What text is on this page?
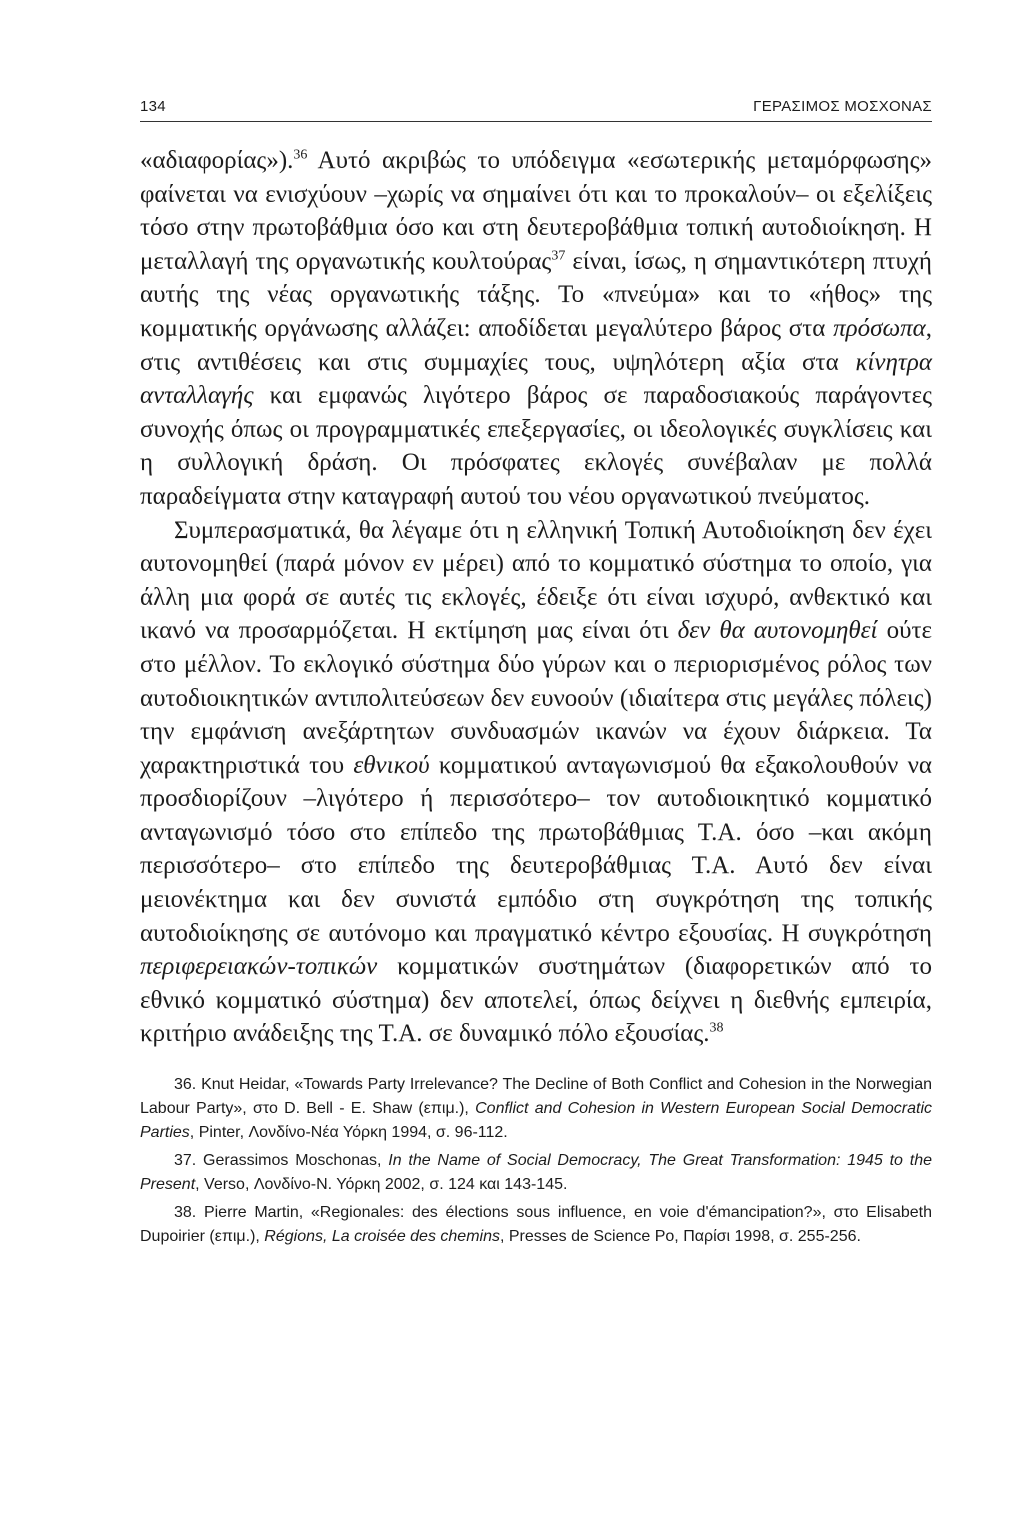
134	ΓΕΡΑΣΙΜΟΣ ΜΟΣΧΟΝΑΣ

«αδιαφορίας»).$^{36}$ Αυτό ακριβώς το υπόδειγμα «εσωτερικής μεταμόρφωσης» φαίνεται να ενισχύουν –χωρίς να σημαίνει ότι και το προκαλούν– οι εξελίξεις τόσο στην πρωτοβάθμια όσο και στη δευτεροβάθμια τοπική αυτοδιοίκηση. Η μεταλλαγή της οργανωτικής κουλτούρας$^{37}$ είναι, ίσως, η σημαντικότερη πτυχή αυτής της νέας οργανωτικής τάξης. Το «πνεύμα» και το «ήθος» της κομματικής οργάνωσης αλλάζει: αποδίδεται μεγαλύτερο βάρος στα πρόσωπα, στις αντιθέσεις και στις συμμαχίες τους, υψηλότερη αξία στα κίνητρα ανταλλαγής και εμφανώς λιγότερο βάρος σε παραδοσιακούς παράγοντες συνοχής όπως οι προγραμματικές επεξεργασίες, οι ιδεολογικές συγκλίσεις και η συλλογική δράση. Οι πρόσφατες εκλογές συνέβαλαν με πολλά παραδείγματα στην καταγραφή αυτού του νέου οργανωτικού πνεύματος.

Συμπερασματικά, θα λέγαμε ότι η ελληνική Τοπική Αυτοδιοίκηση δεν έχει αυτονομηθεί (παρά μόνον εν μέρει) από το κομματικό σύστημα το οποίο, για άλλη μια φορά σε αυτές τις εκλογές, έδειξε ότι είναι ισχυρό, ανθεκτικό και ικανό να προσαρμόζεται. Η εκτίμηση μας είναι ότι δεν θα αυτονομηθεί ούτε στο μέλλον. Το εκλογικό σύστημα δύο γύρων και ο περιορισμένος ρόλος των αυτοδιοικητικών αντιπολιτεύσεων δεν ευνοούν (ιδιαίτερα στις μεγάλες πόλεις) την εμφάνιση ανεξάρτητων συνδυασμών ικανών να έχουν διάρκεια. Τα χαρακτηριστικά του εθνικού κομματικού ανταγωνισμού θα εξακολουθούν να προσδιορίζουν –λιγότερο ή περισσότερο– τον αυτοδιοικητικό κομματικό ανταγωνισμό τόσο στο επίπεδο της πρωτοβάθμιας Τ.Α. όσο –και ακόμη περισσότερο– στο επίπεδο της δευτεροβάθμιας Τ.Α. Αυτό δεν είναι μειονέκτημα και δεν συνιστά εμπόδιο στη συγκρότηση της τοπικής αυτοδιοίκησης σε αυτόνομο και πραγματικό κέντρο εξουσίας. Η συγκρότηση περιφερειακών-τοπικών κομματικών συστημάτων (διαφορετικών από το εθνικό κομματικό σύστημα) δεν αποτελεί, όπως δείχνει η διεθνής εμπειρία, κριτήριο ανάδειξης της Τ.Α. σε δυναμικό πόλο εξουσίας.$^{38}$

36. Knut Heidar, «Towards Party Irrelevance? The Decline of Both Conflict and Cohesion in the Norwegian Labour Party», στο D. Bell - E. Shaw (επιμ.), Conflict and Cohesion in Western European Social Democratic Parties, Pinter, Λονδίνο-Νέα Υόρκη 1994, σ. 96-112.

37. Gerassimos Moschonas, In the Name of Social Democracy, The Great Transformation: 1945 to the Present, Verso, Λονδίνο-Ν. Υόρκη 2002, σ. 124 και 143-145.

38. Pierre Martin, «Regionales: des élections sous influence, en voie d'émancipation?», στο Elisabeth Dupoirier (επιμ.), Régions, La croisée des chemins, Presses de Science Po, Παρίσι 1998, σ. 255-256.
